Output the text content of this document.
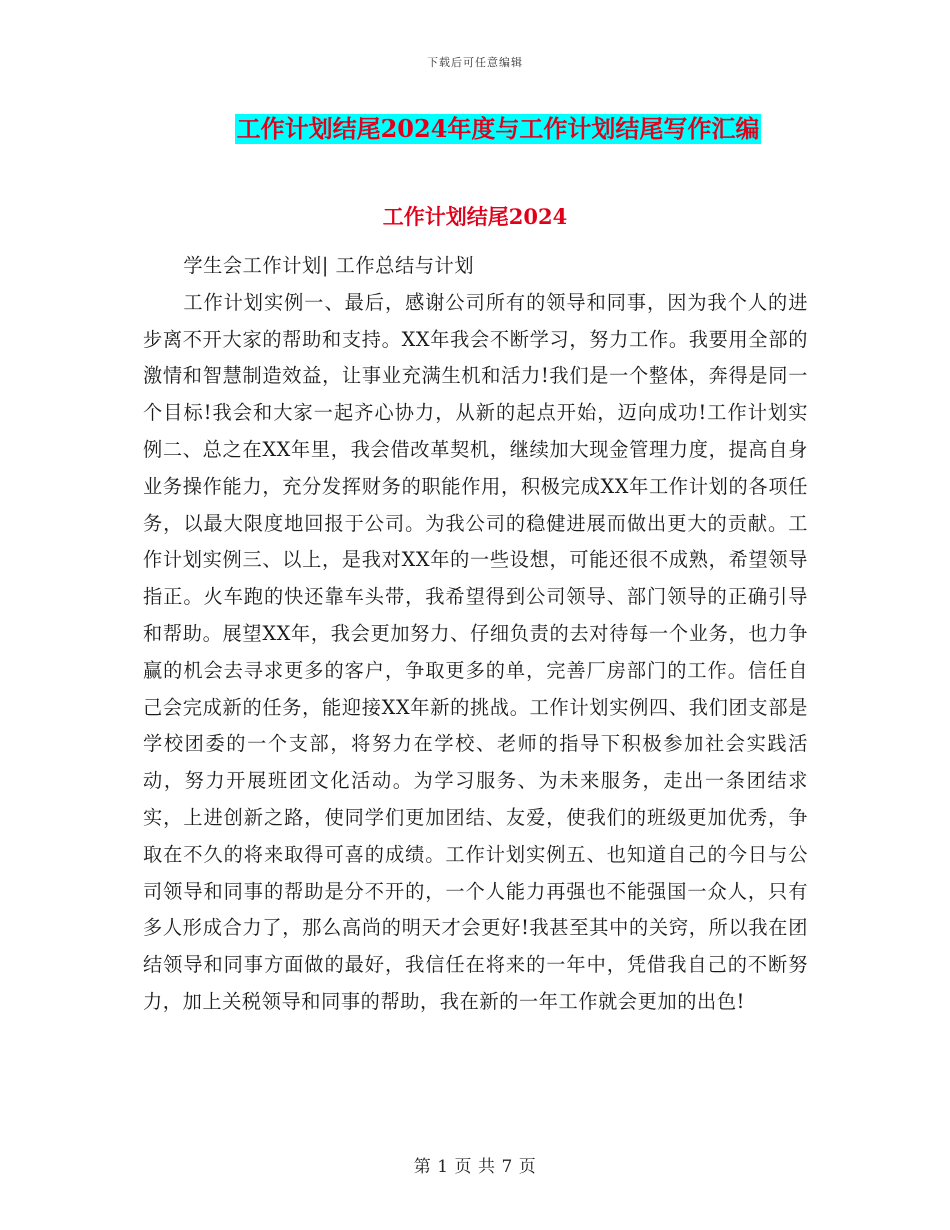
下载后可任意编辑
工作计划结尾2024年度与工作计划结尾写作汇编
工作计划结尾2024

学生会工作计划| 工作总结与计划

工作计划实例一、最后，感谢公司所有的领导和同事，因为我个人的进步离不开大家的帮助和支持。XX年我会不断学习，努力工作。我要用全部的激情和智慧制造效益，让事业充满生机和活力!我们是一个整体，奔得是同一个目标!我会和大家一起齐心协力，从新的起点开始，迈向成功!工作计划实例二、总之在XX年里，我会借改革契机，继续加大现金管理力度，提高自身业务操作能力，充分发挥财务的职能作用，积极完成XX年工作计划的各项任务，以最大限度地回报于公司。为我公司的稳健进展而做出更大的贡献。工作计划实例三、以上，是我对XX年的一些设想，可能还很不成熟，希望领导指正。火车跑的快还靠车头带，我希望得到公司领导、部门领导的正确引导和帮助。展望XX年，我会更加努力、仔细负责的去对待每一个业务，也力争赢的机会去寻求更多的客户，争取更多的单，完善厂房部门的工作。信任自己会完成新的任务，能迎接XX年新的挑战。工作计划实例四、我们团支部是学校团委的一个支部，将努力在学校、老师的指导下积极参加社会实践活动，努力开展班团文化活动。为学习服务、为未来服务，走出一条团结求实，上进创新之路，使同学们更加团结、友爱，使我们的班级更加优秀，争取在不久的将来取得可喜的成绩。工作计划实例五、也知道自己的今日与公司领导和同事的帮助是分不开的，一个人能力再强也不能强国一众人，只有多人形成合力了，那么高尚的明天才会更好!我甚至其中的关窍，所以我在团结领导和同事方面做的最好，我信任在将来的一年中，凭借我自己的不断努力，加上关税领导和同事的帮助，我在新的一年工作就会更加的出色!

第 1 页 共 7 页
